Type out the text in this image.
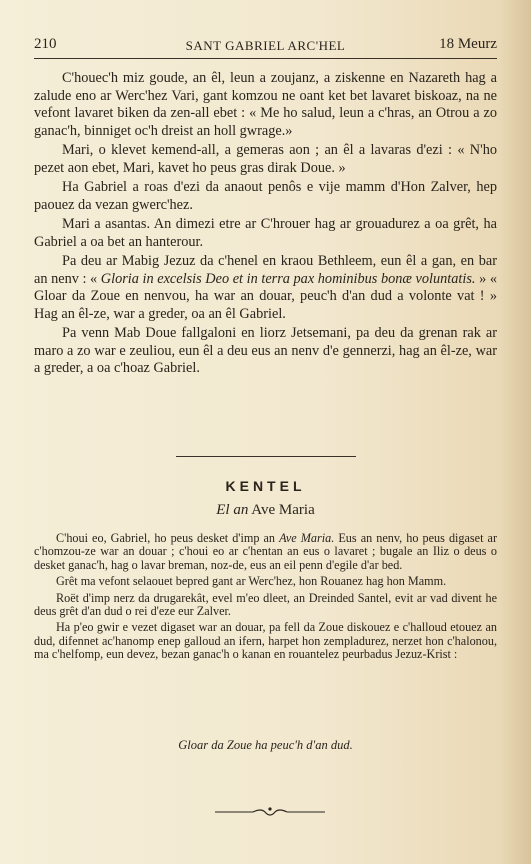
210	SANT GABRIEL ARC'HEL	18 Meurz

C'houec'h miz goude, an êl, leun a zoujanz, a ziskenne en Nazareth hag a zalude eno ar Werc'hez Vari, gant komzou ne oant ket bet lavaret biskoaz, na ne vefont lavaret biken da zen-all ebet : « Me ho salud, leun a c'hras, an Otrou a zo ganac'h, binniget oc'h dreist an holl gwrage.»

Mari, o klevet kemend-all, a gemeras aon ; an êl a lavaras d'ezi : « N'ho pezet aon ebet, Mari, kavet ho peus gras dirak Doue. »

Ha Gabriel a roas d'ezi da anaout penôs e vije mamm d'Hon Zalver, hep paouez da vezan gwerc'hez.

Mari a asantas. An dimezi etre ar C'hrouer hag ar grouadurez a oa grêt, ha Gabriel a oa bet an hanterour.

Pa deu ar Mabig Jezuz da c'henel en kraou Bethleem, eun êl a gan, en bar an nenv : « Gloria in excelsis Deo et in terra pax hominibus bonæ voluntatis. » « Gloar da Zoue en nenvou, ha war an douar, peuc'h d'an dud a volonte vat ! » Hag an êl-ze, war a greder, oa an êl Gabriel.

Pa venn Mab Doue fallgaloni en liorz Jetsemani, pa deu da grenan rak ar maro a zo war e zeuliou, eun êl a deu eus an nenv d'e gennerzi, hag an êl-ze, war a greder, a oa c'hoaz Gabriel.

KENTEL
El an Ave Maria

C'houi eo, Gabriel, ho peus desket d'imp an Ave Maria. Eus an nenv, ho peus digaset ar c'homzou-ze war an douar ; c'houi eo ar c'hentan an eus o lavaret ; bugale an Iliz o deus o desket ganac'h, hag o lavar breman, noz-de, eus an eil penn d'egile d'ar bed.

Grêt ma vefont selaouet bepred gant ar Werc'hez, hon Rouanez hag hon Mamm.

Roët d'imp nerz da drugarekât, evel m'eo dleet, an Dreinded Santel, evit ar vad divent he deus grêt d'an dud o rei d'eze eur Zalver.

Ha p'eo gwir e vezet digaset war an douar, pa fell da Zoue diskouez e c'halloud etouez an dud, difennet ac'hanomp enep galloud an ifern, harpet hon zempladurez, nerzet hon c'halonou, ma c'helfomp, eun devez, bezan ganac'h o kanan en rouantelez peurbadus Jezuz-Krist :

Gloar da Zoue ha peuc'h d'an dud.
